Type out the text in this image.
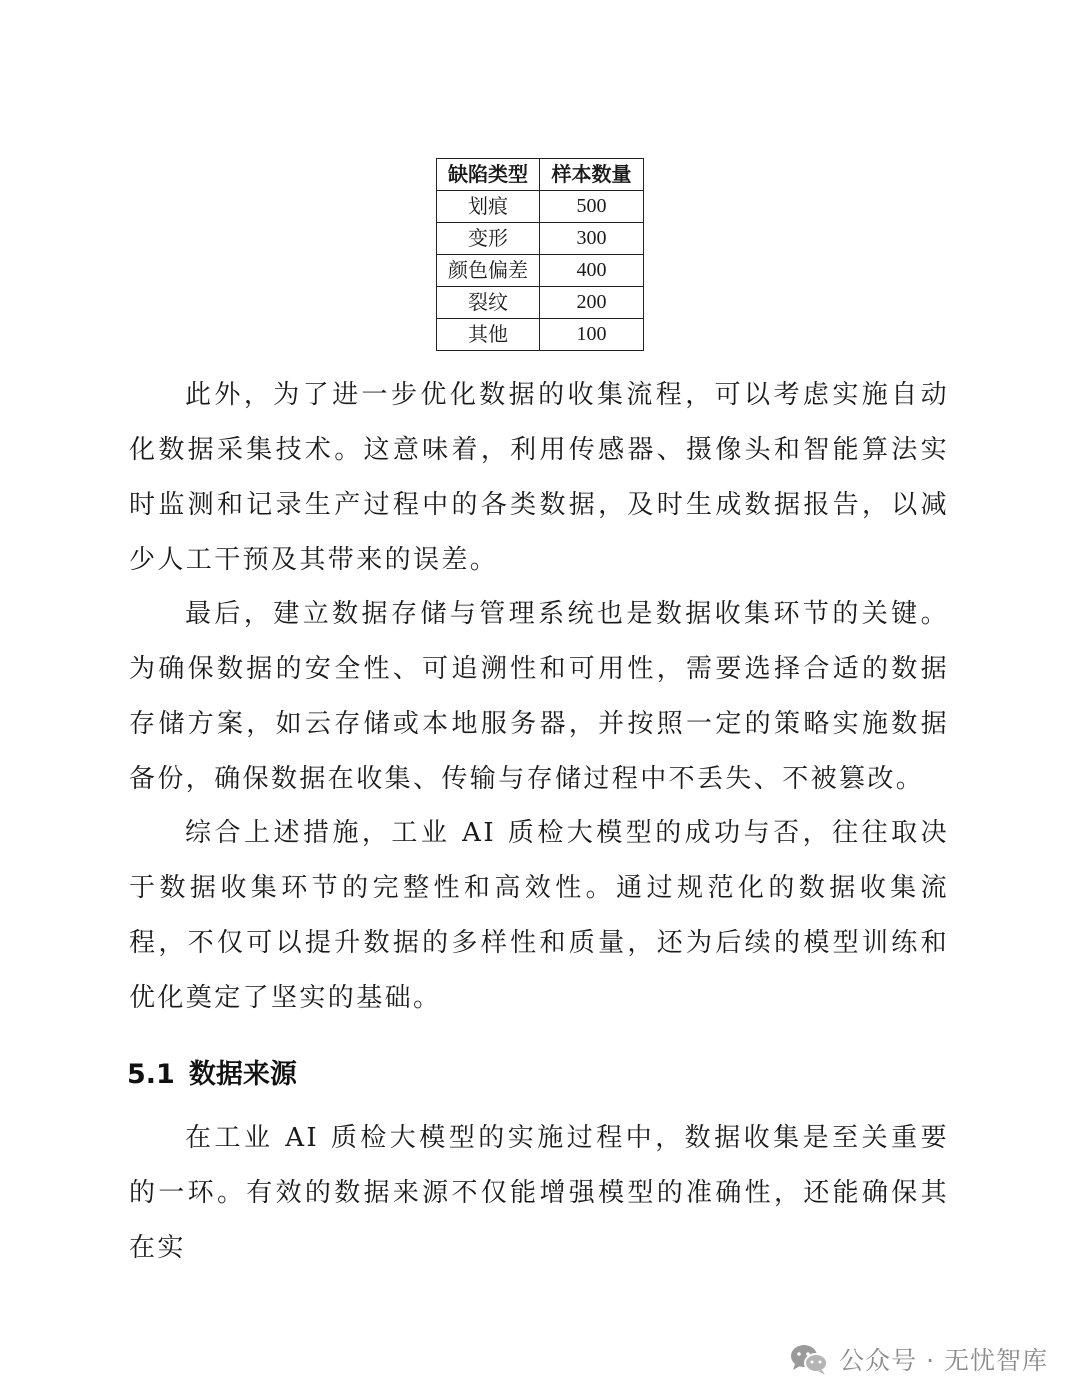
缺陷类型	样本数量
划痕	500
变形	300
颜色偏差	400
裂纹	200
其他	100

此外，为了进一步优化数据的收集流程，可以考虑实施自动化数据采集技术。这意味着，利用传感器、摄像头和智能算法实时监测和记录生产过程中的各类数据，及时生成数据报告，以减少人工干预及其带来的误差。

最后，建立数据存储与管理系统也是数据收集环节的关键。为确保数据的安全性、可追溯性和可用性，需要选择合适的数据存储方案，如云存储或本地服务器，并按照一定的策略实施数据备份，确保数据在收集、传输与存储过程中不丢失、不被篡改。

综合上述措施，工业 AI 质检大模型的成功与否，往往取决于数据收集环节的完整性和高效性。通过规范化的数据收集流程，不仅可以提升数据的多样性和质量，还为后续的模型训练和优化奠定了坚实的基础。

5.1 数据来源

在工业 AI 质检大模型的实施过程中，数据收集是至关重要的一环。有效的数据来源不仅能增强模型的准确性，还能确保其在实

公众号 · 无忧智库
